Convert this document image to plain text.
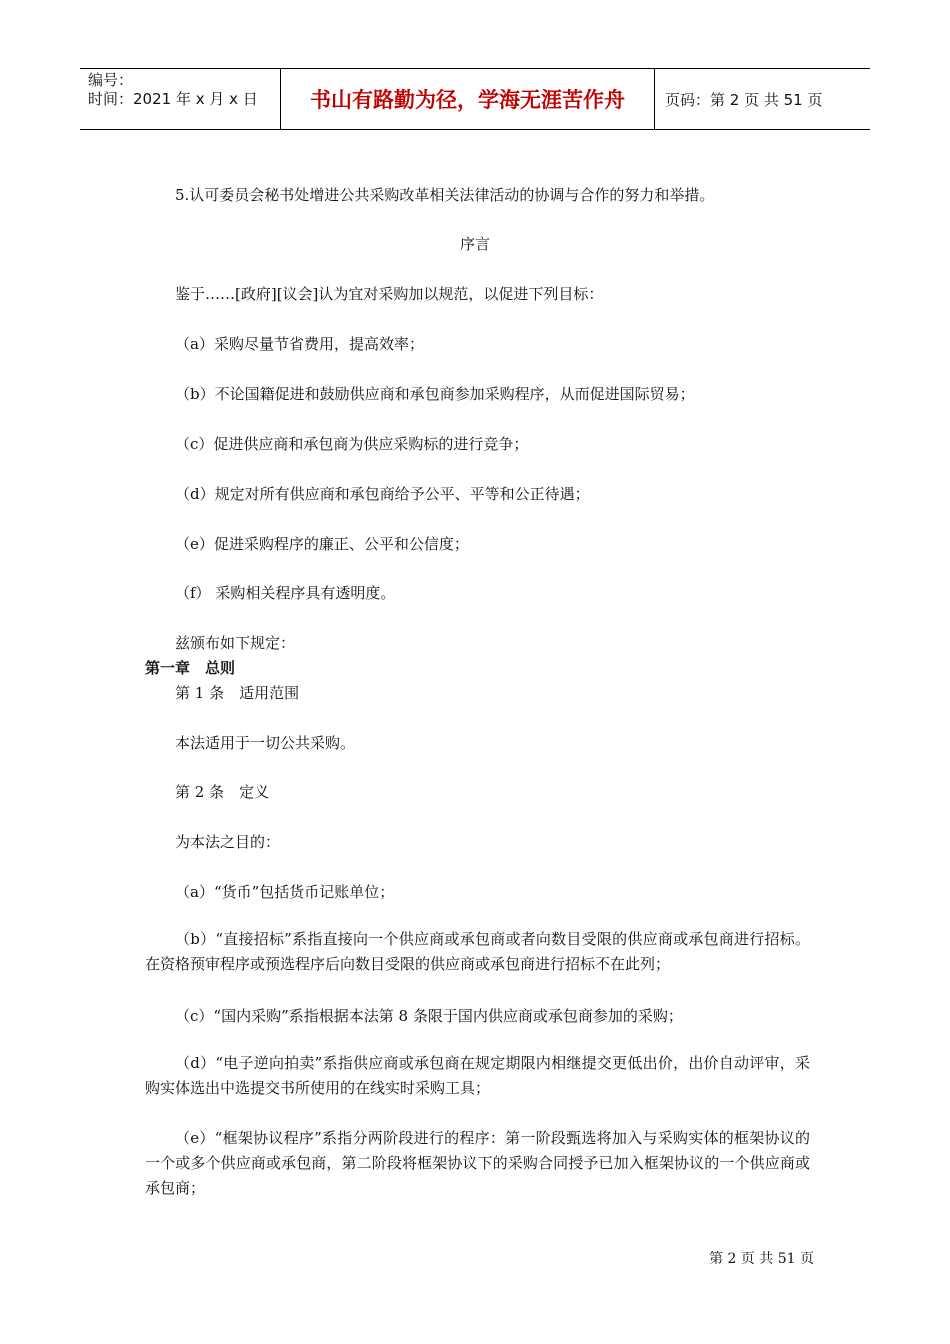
编号：
时间：2021 年 x 月 x 日	书山有路勤为径，学海无涯苦作舟	页码：第 2 页 共 51 页
5.认可委员会秘书处增进公共采购改革相关法律活动的协调与合作的努力和举措。
序言
鉴于……[政府][议会]认为宜对采购加以规范，以促进下列目标：
（a）采购尽量节省费用，提高效率；
（b）不论国籍促进和鼓励供应商和承包商参加采购程序，从而促进国际贸易；
（c）促进供应商和承包商为供应采购标的进行竞争；
（d）规定对所有供应商和承包商给予公平、平等和公正待遇；
（e）促进采购程序的廉正、公平和公信度；
（f） 采购相关程序具有透明度。
兹颁布如下规定：
第一章　总则
第 1 条　适用范围
本法适用于一切公共采购。
第 2 条　定义
为本法之目的：
（a）“货币”包括货币记账单位；
（b）“直接招标”系指直接向一个供应商或承包商或者向数目受限的供应商或承包商进行招标。在资格预审程序或预选程序后向数目受限的供应商或承包商进行招标不在此列；
（c）“国内采购”系指根据本法第 8 条限于国内供应商或承包商参加的采购；
（d）“电子逆向拍卖”系指供应商或承包商在规定期限内相继提交更低出价，出价自动评审，采购实体选出中选提交书所使用的在线实时采购工具；
（e）“框架协议程序”系指分两阶段进行的程序：第一阶段甄选将加入与采购实体的框架协议的一个或多个供应商或承包商，第二阶段将框架协议下的采购合同授予已加入框架协议的一个供应商或承包商；
第 2 页 共 51 页
